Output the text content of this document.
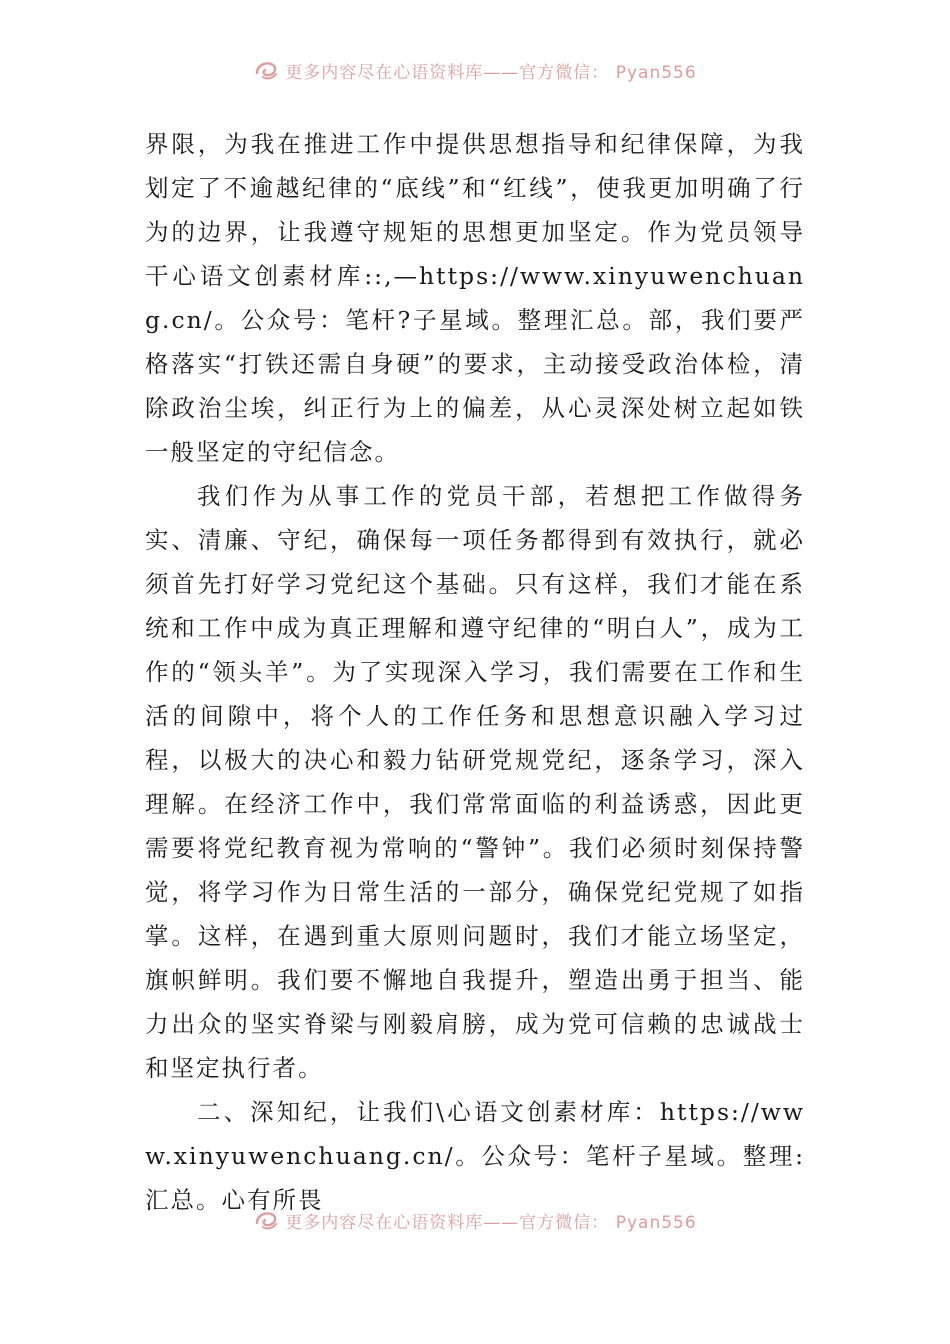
更多内容尽在心语资料库——官方微信： Pyan556

界限，为我在推进工作中提供思想指导和纪律保障，为我划定了不逾越纪律的“底线”和“红线”，使我更加明确了行为的边界，让我遵守规矩的思想更加坚定。作为党员领导干心语文创素材库::,—https://www.xinyuwenchuang.cn/。公众号：笔杆?子星域。整理汇总。部，我们要严格落实“打铁还需自身硬”的要求，主动接受政治体检，清除政治尘埃，纠正行为上的偏差，从心灵深处树立起如铁一般坚定的守纪信念。

我们作为从事工作的党员干部，若想把工作做得务实、清廉、守纪，确保每一项任务都得到有效执行，就必须首先打好学习党纪这个基础。只有这样，我们才能在系统和工作中成为真正理解和遵守纪律的“明白人”，成为工作的“领头羊”。为了实现深入学习，我们需要在工作和生活的间隙中，将个人的工作任务和思想意识融入学习过程，以极大的决心和毅力钻研党规党纪，逐条学习，深入理解。在经济工作中，我们常常面临的利益诱惑，因此更需要将党纪教育视为常响的“警钟”。我们必须时刻保持警觉，将学习作为日常生活的一部分，确保党纪党规了如指掌。这样，在遇到重大原则问题时，我们才能立场坚定，旗帜鲜明。我们要不懈地自我提升，塑造出勇于担当、能力出众的坚实脊梁与刚毅肩膀，成为党可信赖的忠诚战士和坚定执行者。

二、深知纪，让我们\心语文创素材库：https://www.xinyuwenchuang.cn/。公众号：笔杆子星域。整理:汇总。心有所畏

更多内容尽在心语资料库——官方微信： Pyan556
